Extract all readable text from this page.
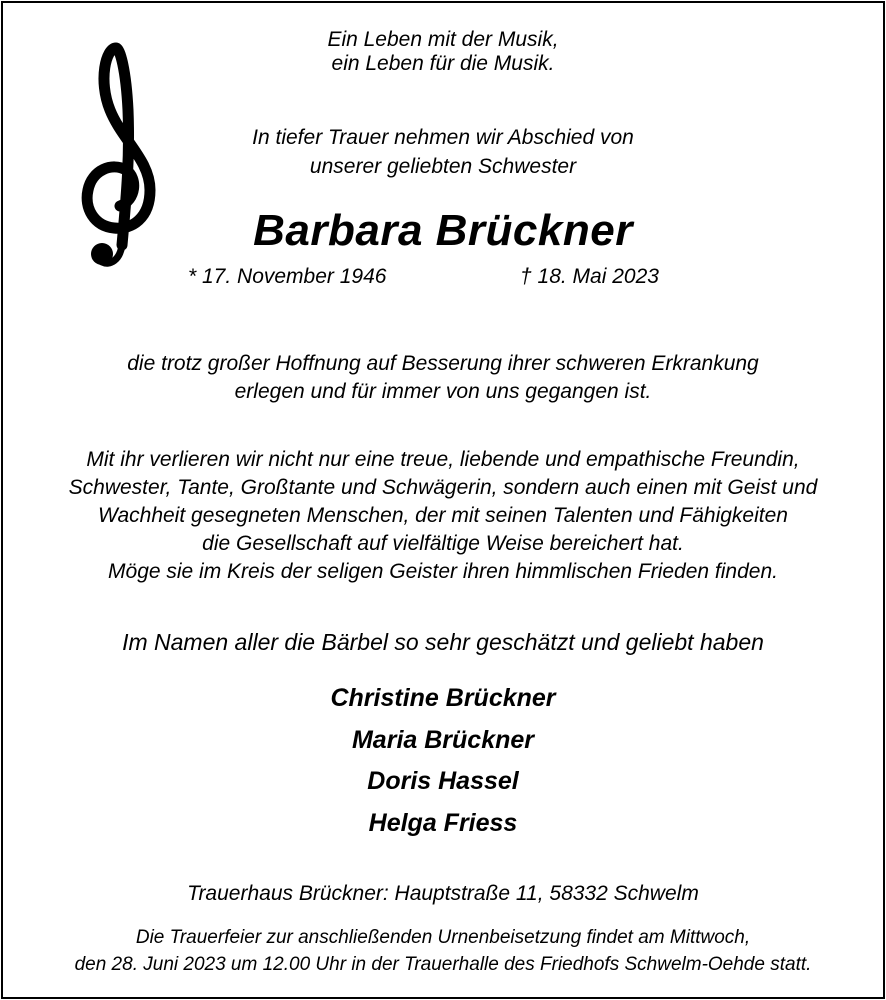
Ein Leben mit der Musik,
ein Leben für die Musik.
In tiefer Trauer nehmen wir Abschied von
unserer geliebten Schwester
Barbara Brückner
* 17. November 1946	† 18. Mai 2023
die trotz großer Hoffnung auf Besserung ihrer schweren Erkrankung
erlegen und für immer von uns gegangen ist.
Mit ihr verlieren wir nicht nur eine treue, liebende und empathische Freundin,
Schwester, Tante, Großtante und Schwägerin, sondern auch einen mit Geist und
Wachheit gesegneten Menschen, der mit seinen Talenten und Fähigkeiten
die Gesellschaft auf vielfältige Weise bereichert hat.
Möge sie im Kreis der seligen Geister ihren himmlischen Frieden finden.
Im Namen aller die Bärbel so sehr geschätzt und geliebt haben
Christine Brückner
Maria Brückner
Doris Hassel
Helga Friess
Trauerhaus Brückner: Hauptstraße 11, 58332 Schwelm
Die Trauerfeier zur anschließenden Urnenbeisetzung findet am Mittwoch,
den 28. Juni 2023 um 12.00 Uhr in der Trauerhalle des Friedhofs Schwelm-Oehde statt.
